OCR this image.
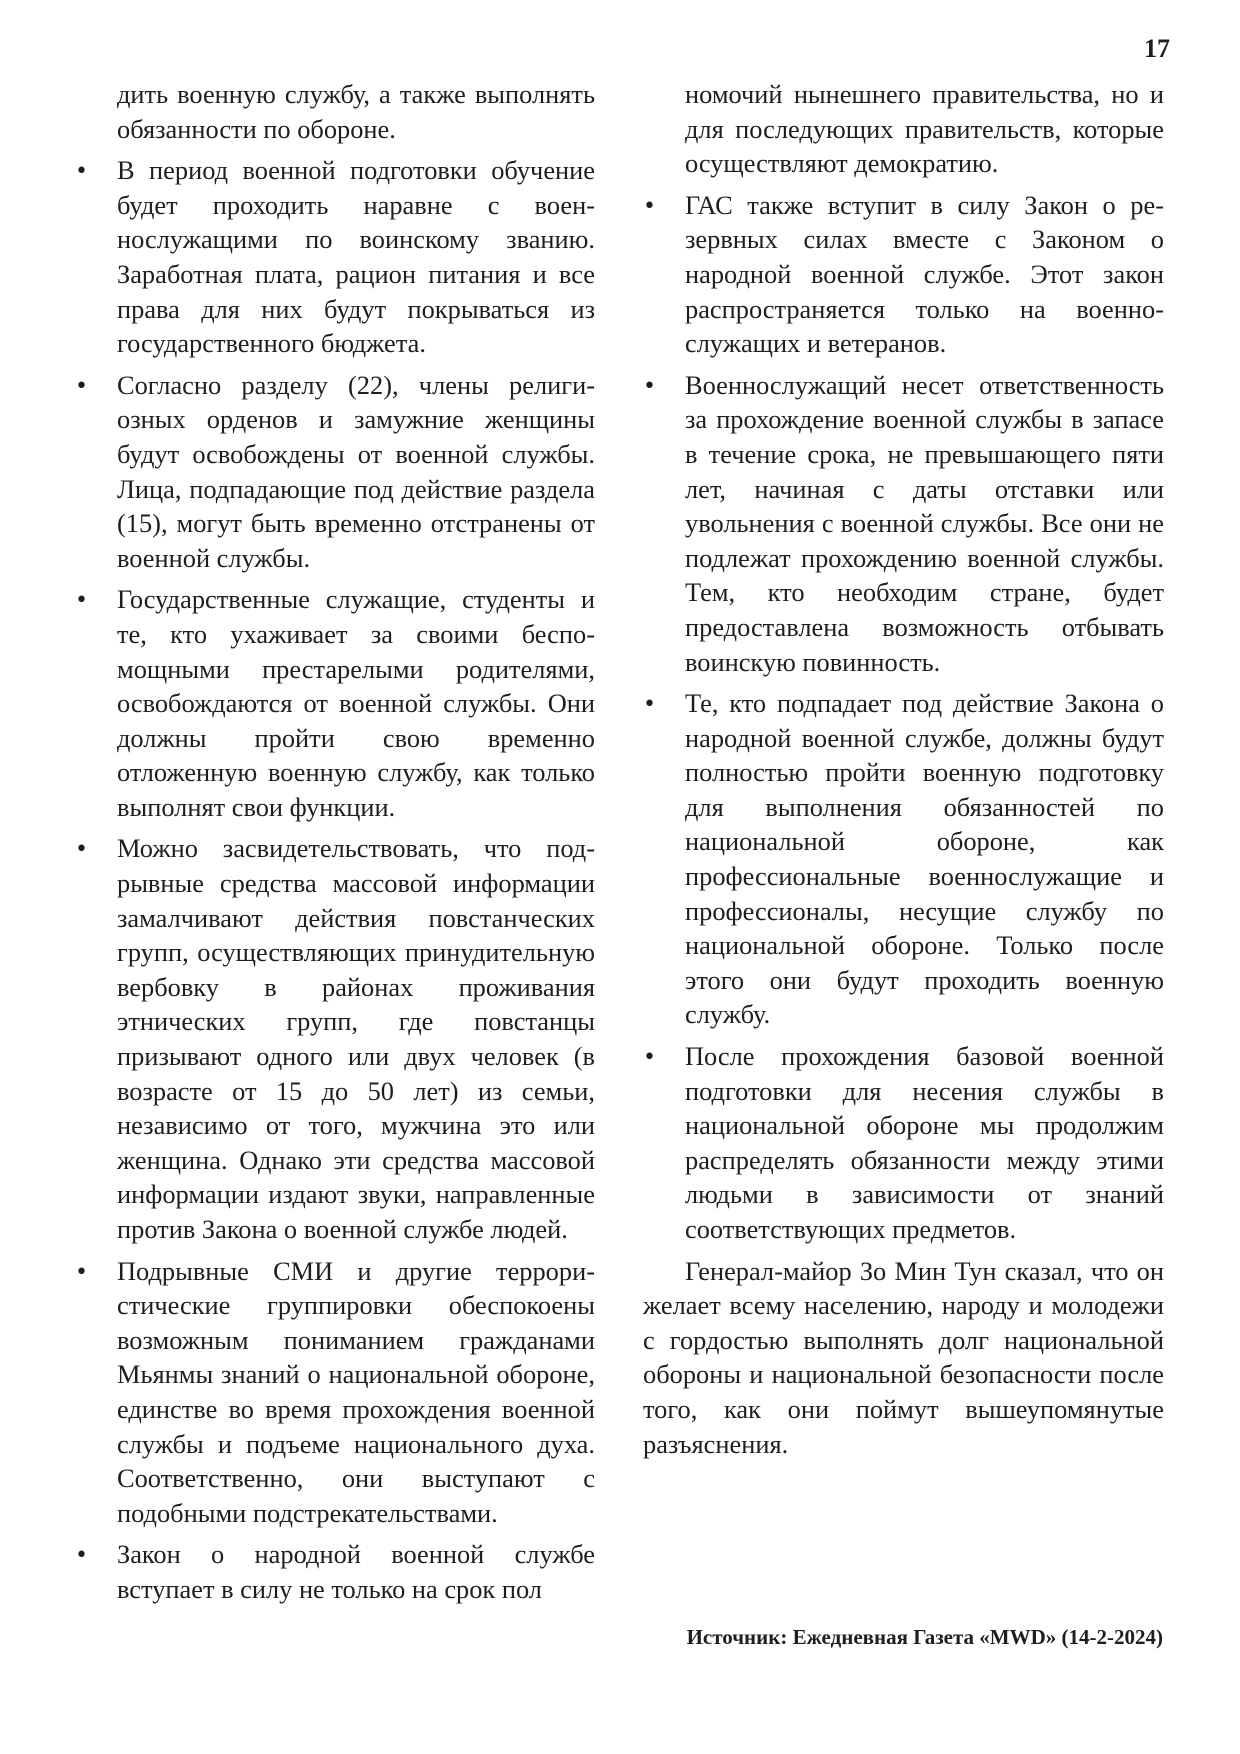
17

дить военную службу, а также выполнять обязанности по обороне.

• В период военной подготовки обучение будет проходить наравне с военнослужащими по воинскому званию. Заработная плата, рацион питания и все права для них будут покрываться из государственного бюджета.
• Согласно разделу (22), члены религиозных орденов и замужние женщины будут освобождены от военной службы. Лица, подпадающие под действие раздела (15), могут быть временно отстранены от военной службы.
• Государственные служащие, студенты и те, кто ухаживает за своими беспомощными престарелыми родителями, освобождаются от военной службы. Они должны пройти свою временно отложенную военную службу, как только выполнят свои функции.
• Можно засвидетельствовать, что подрывные средства массовой информации замалчивают действия повстанческих групп, осуществляющих принудительную вербовку в районах проживания этнических групп, где повстанцы призывают одного или двух человек (в возрасте от 15 до 50 лет) из семьи, независимо от того, мужчина это или женщина. Однако эти средства массовой информации издают звуки, направленные против Закона о военной службе людей.
• Подрывные СМИ и другие террористические группировки обеспокоены возможным пониманием гражданами Мьянмы знаний о национальной обороне, единстве во время прохождения военной службы и подъеме национального духа. Соответственно, они выступают с подобными подстрекательствами.
• Закон о народной военной службе вступает в силу не только на срок пол

номочий нынешнего правительства, но и для последующих правительств, которые осуществляют демократию.

• ГАС также вступит в силу Закон о резервных силах вместе с Законом о народной военной службе. Этот закон распространяется только на военнослужащих и ветеранов.
• Военнослужащий несет ответственность за прохождение военной службы в запасе в течение срока, не превышающего пяти лет, начиная с даты отставки или увольнения с военной службы. Все они не подлежат прохождению военной службы. Тем, кто необходим стране, будет предоставлена возможность отбывать воинскую повинность.
• Те, кто подпадает под действие Закона о народной военной службе, должны будут полностью пройти военную подготовку для выполнения обязанностей по национальной обороне, как профессиональные военнослужащие и профессионалы, несущие службу по национальной обороне. Только после этого они будут проходить военную службу.
• После прохождения базовой военной подготовки для несения службы в национальной обороне мы продолжим распределять обязанности между этими людьми в зависимости от знаний соответствующих предметов.

Генерал-майор Зо Мин Тун сказал, что он желает всему населению, народу и молодежи с гордостью выполнять долг национальной обороны и национальной безопасности после того, как они поймут вышеупомянутые разъяснения.

Источник: Ежедневная Газета «MWD» (14-2-2024)
